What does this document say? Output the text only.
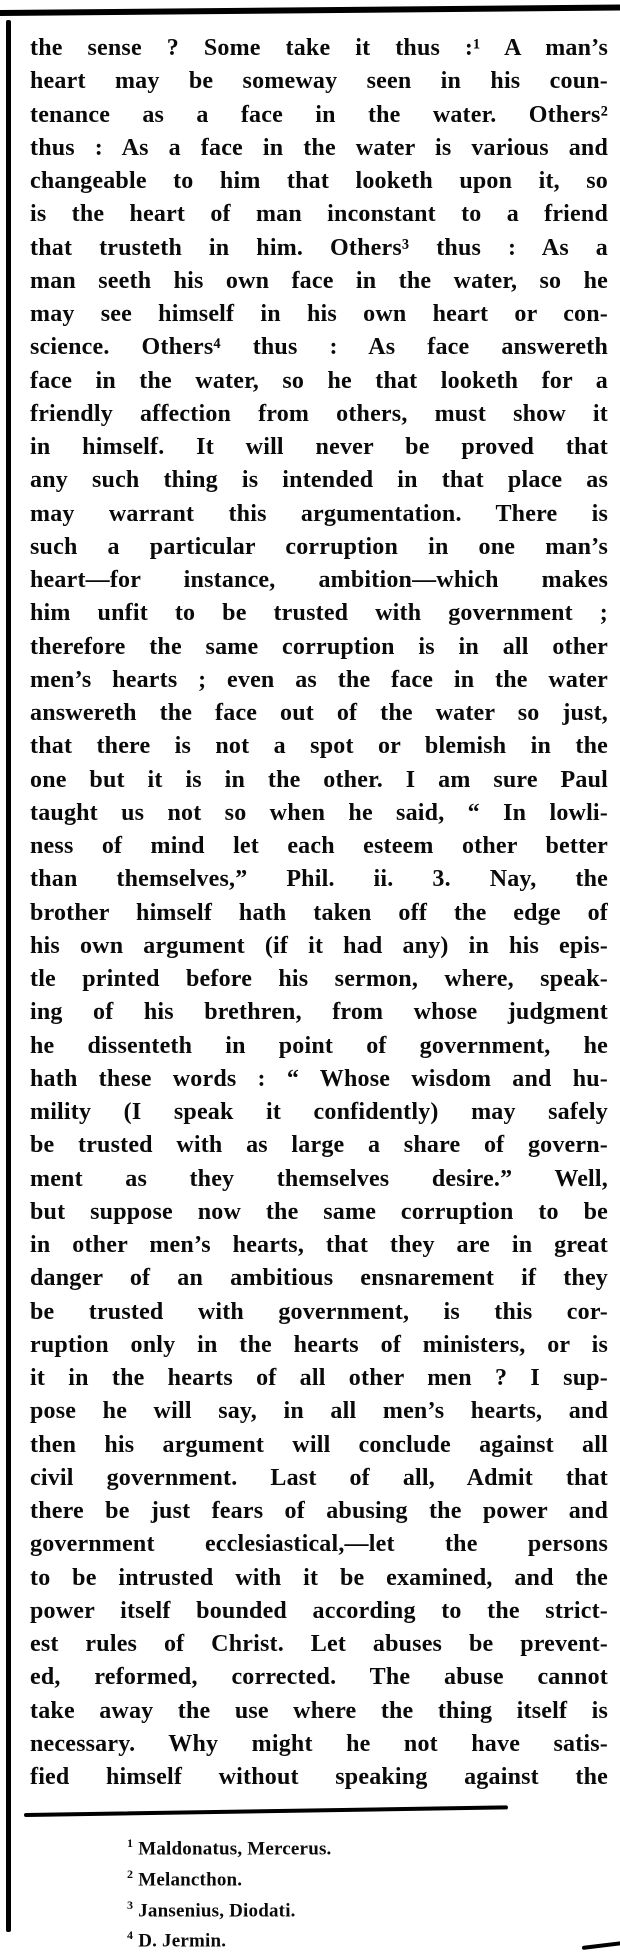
the sense ? Some take it thus :¹ A man’s
heart may be someway seen in his coun-
tenance as a face in the water. Others²
thus : As a face in the water is various and
changeable to him that looketh upon it, so
is the heart of man inconstant to a friend
that trusteth in him. Others³ thus : As a
man seeth his own face in the water, so he
may see himself in his own heart or con-
science. Others⁴ thus : As face answereth
face in the water, so he that looketh for a
friendly affection from others, must show it
in himself. It will never be proved that
any such thing is intended in that place as
may warrant this argumentation. There is
such a particular corruption in one man’s
heart—for instance, ambition—which makes
him unfit to be trusted with government ;
therefore the same corruption is in all other
men’s hearts ; even as the face in the water
answereth the face out of the water so just,
that there is not a spot or blemish in the
one but it is in the other. I am sure Paul
taught us not so when he said, “ In lowli-
ness of mind let each esteem other better
than themselves,” Phil. ii. 3. Nay, the
brother himself hath taken off the edge of
his own argument (if it had any) in his epis-
tle printed before his sermon, where, speak-
ing of his brethren, from whose judgment
he dissenteth in point of government, he
hath these words : “ Whose wisdom and hu-
mility (I speak it confidently) may safely
be trusted with as large a share of govern-
ment as they themselves desire.” Well,
but suppose now the same corruption to be
in other men’s hearts, that they are in great
danger of an ambitious ensnarement if they
be trusted with government, is this cor-
ruption only in the hearts of ministers, or is
it in the hearts of all other men ? I sup-
pose he will say, in all men’s hearts, and
then his argument will conclude against all
civil government. Last of all, Admit that
there be just fears of abusing the power and
government ecclesiastical,—let the persons
to be intrusted with it be examined, and the
power itself bounded according to the strict-
est rules of Christ. Let abuses be prevent-
ed, reformed, corrected. The abuse cannot
take away the use where the thing itself is
necessary. Why might he not have satis-
fied himself without speaking against the
$^1$ Maldonatus, Mercerus.
$^2$ Melancthon.
$^3$ Jansenius, Diodati.
$^4$ D. Jermin.
